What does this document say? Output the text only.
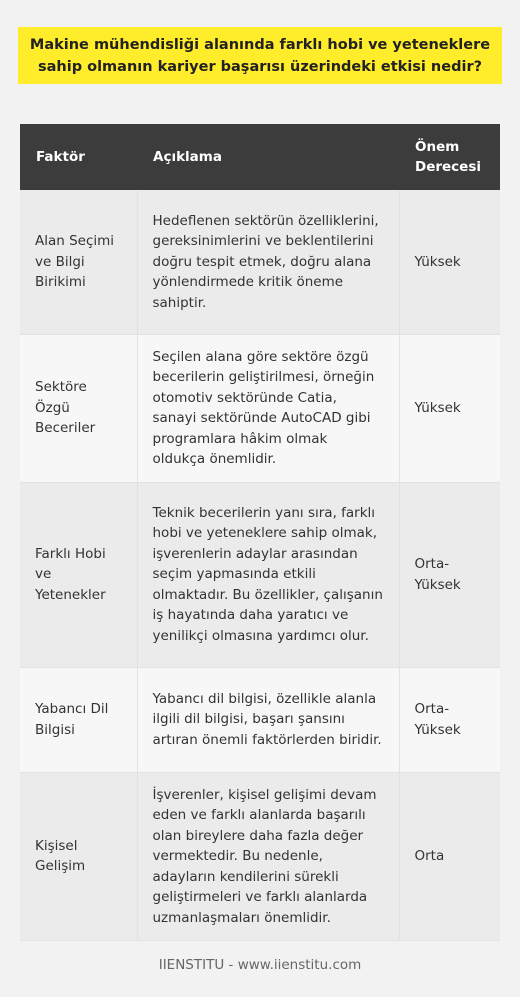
Makine mühendisliği alanında farklı hobi ve yeteneklere sahip olmanın kariyer başarısı üzerindeki etkisi nedir?
Faktör	Açıklama	Önem Derecesi
Alan Seçimi ve Bilgi Birikimi	Hedeflenen sektörün özelliklerini, gereksinimlerini ve beklentilerini doğru tespit etmek, doğru alana yönlendirmede kritik öneme sahiptir.	Yüksek
Sektöre Özgü Beceriler	Seçilen alana göre sektöre özgü becerilerin geliştirilmesi, örneğin otomotiv sektöründe Catia, sanayi sektöründe AutoCAD gibi programlara hâkim olmak oldukça önemlidir.	Yüksek
Farklı Hobi ve Yetenekler	Teknik becerilerin yanı sıra, farklı hobi ve yeteneklere sahip olmak, işverenlerin adaylar arasından seçim yapmasında etkili olmaktadır. Bu özellikler, çalışanın iş hayatında daha yaratıcı ve yenilikçi olmasına yardımcı olur.	Orta-Yüksek
Yabancı Dil Bilgisi	Yabancı dil bilgisi, özellikle alanla ilgili dil bilgisi, başarı şansını artıran önemli faktörlerden biridir.	Orta-Yüksek
Kişisel Gelişim	İşverenler, kişisel gelişimi devam eden ve farklı alanlarda başarılı olan bireylere daha fazla değer vermektedir. Bu nedenle, adayların kendilerini sürekli geliştirmeleri ve farklı alanlarda uzmanlaşmaları önemlidir.	Orta
IIENSTITU - www.iienstitu.com
